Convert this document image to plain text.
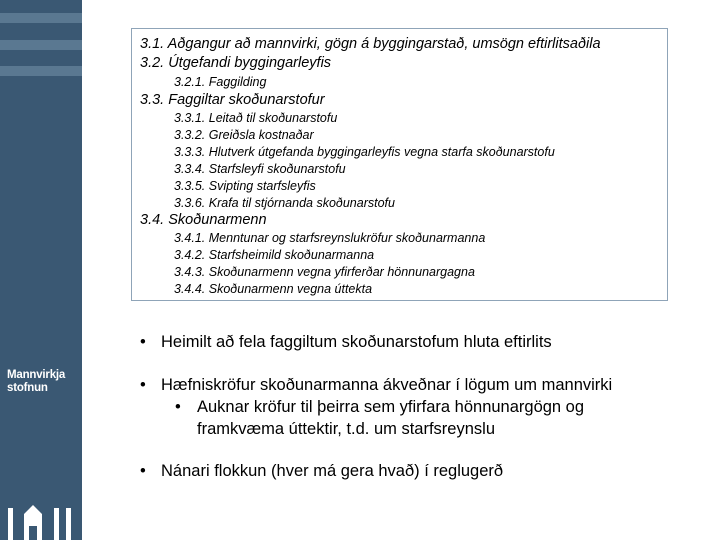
Mannvirkja
stofnun
3.1. Aðgangur að mannvirki, gögn á byggingarstað, umsögn eftirlitsaðila
3.2. Útgefandi byggingarleyfis
3.2.1. Faggilding
3.3. Faggiltar skoðunarstofur
3.3.1. Leitað til skoðunarstofu
3.3.2. Greiðsla kostnaðar
3.3.3. Hlutverk útgefanda byggingarleyfis vegna starfa skoðunarstofu
3.3.4. Starfsleyfi skoðunarstofu
3.3.5. Svipting starfsleyfis
3.3.6. Krafa til stjórnanda skoðunarstofu
3.4. Skoðunarmenn
3.4.1. Menntunar og starfsreynslukröfur skoðunarmanna
3.4.2. Starfsheimild skoðunarmanna
3.4.3. Skoðunarmenn vegna yfirferðar hönnunargagna
3.4.4. Skoðunarmenn vegna úttekta
• Heimilt að fela faggiltum skoðunarstofum hluta eftirlits
• Hæfniskröfur skoðunarmanna ákveðnar í lögum um mannvirki
• Auknar kröfur til þeirra sem yfirfara hönnunargögn og
framkvæma úttektir, t.d. um starfsreynslu
• Nánari flokkun (hver má gera hvað) í reglugerð
